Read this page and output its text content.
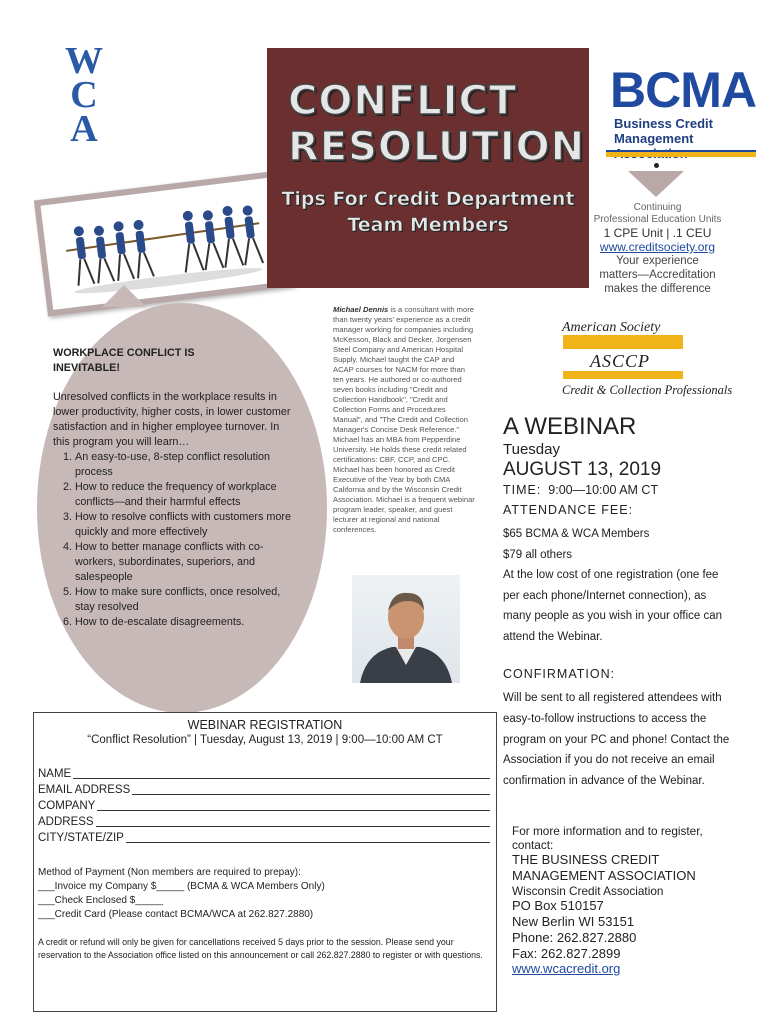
W
C
A
CONFLICT
RESOLUTION
Tips For Credit Department
Team Members
BCMA
Business Credit
Management
Continuing
Professional Education Units
1 CPE Unit | .1 CEU
www.creditsociety.org
Your experience
matters—Accreditation
makes the difference
American Society
ASCCP
Credit & Collection Professionals
WORKPLACE CONFLICT IS
INEVITABLE!
Unresolved conflicts in the workplace results in lower productivity, higher costs, in lower customer satisfaction and in higher employee turnover. In this program you will learn…
1. An easy-to-use, 8-step conflict resolution process
2. How to reduce the frequency of workplace conflicts—and their harmful effects
3. How to resolve conflicts with customers more quickly and more effectively
4. How to better manage conflicts with co-workers, subordinates, superiors, and salespeople
5. How to make sure conflicts, once resolved, stay resolved
6. How to de-escalate disagreements.
Michael Dennis is a consultant with more than twenty years' experience as a credit manager working for companies including McKesson, Black and Decker, Jorgensen Steel Company and American Hospital Supply. Michael taught the CAP and ACAP courses for NACM for more than ten years. He authored or co-authored seven books including "Credit and Collection Handbook", "Credit and Collection Forms and Procedures Manual", and "The Credit and Collection Manager's Concise Desk Reference." Michael has an MBA from Pepperdine University. He holds these credit related certifications: CBF, CCP, and CPC. Michael has been honored as Credit Executive of the Year by both CMA California and by the Wisconsin Credit Association. Michael is a frequent webinar program leader, speaker, and guest lecturer at regional and national conferences.
A WEBINAR
Tuesday
AUGUST 13, 2019
TIME: 9:00—10:00 AM CT
ATTENDANCE FEE:

$65 BCMA & WCA Members

$79 all others

At the low cost of one registration (one fee per each phone/Internet connection), as many people as you wish in your office can attend the Webinar.

CONFIRMATION:
Will be sent to all registered attendees with easy-to-follow instructions to access the program on your PC and phone! Contact the Association if you do not receive an email confirmation in advance of the Webinar.
For more information and to register, contact:
THE BUSINESS CREDIT
MANAGEMENT ASSOCIATION
Wisconsin Credit Association
PO Box 510157
New Berlin WI 53151
Phone: 262.827.2880
Fax: 262.827.2899
www.wcacredit.org
WEBINAR REGISTRATION
“Conflict Resolution” | Tuesday, August 13, 2019 | 9:00—10:00 AM CT
NAME
EMAIL ADDRESS
COMPANY
ADDRESS
CITY/STATE/ZIP
Method of Payment (Non members are required to prepay):
___Invoice my Company $_____ (BCMA & WCA Members Only)
___Check Enclosed $_____
___Credit Card (Please contact BCMA/WCA at 262.827.2880)
A credit or refund will only be given for cancellations received 5 days prior to the session. Please send your reservation to the Association office listed on this announcement or call 262.827.2880 to register or with questions.
